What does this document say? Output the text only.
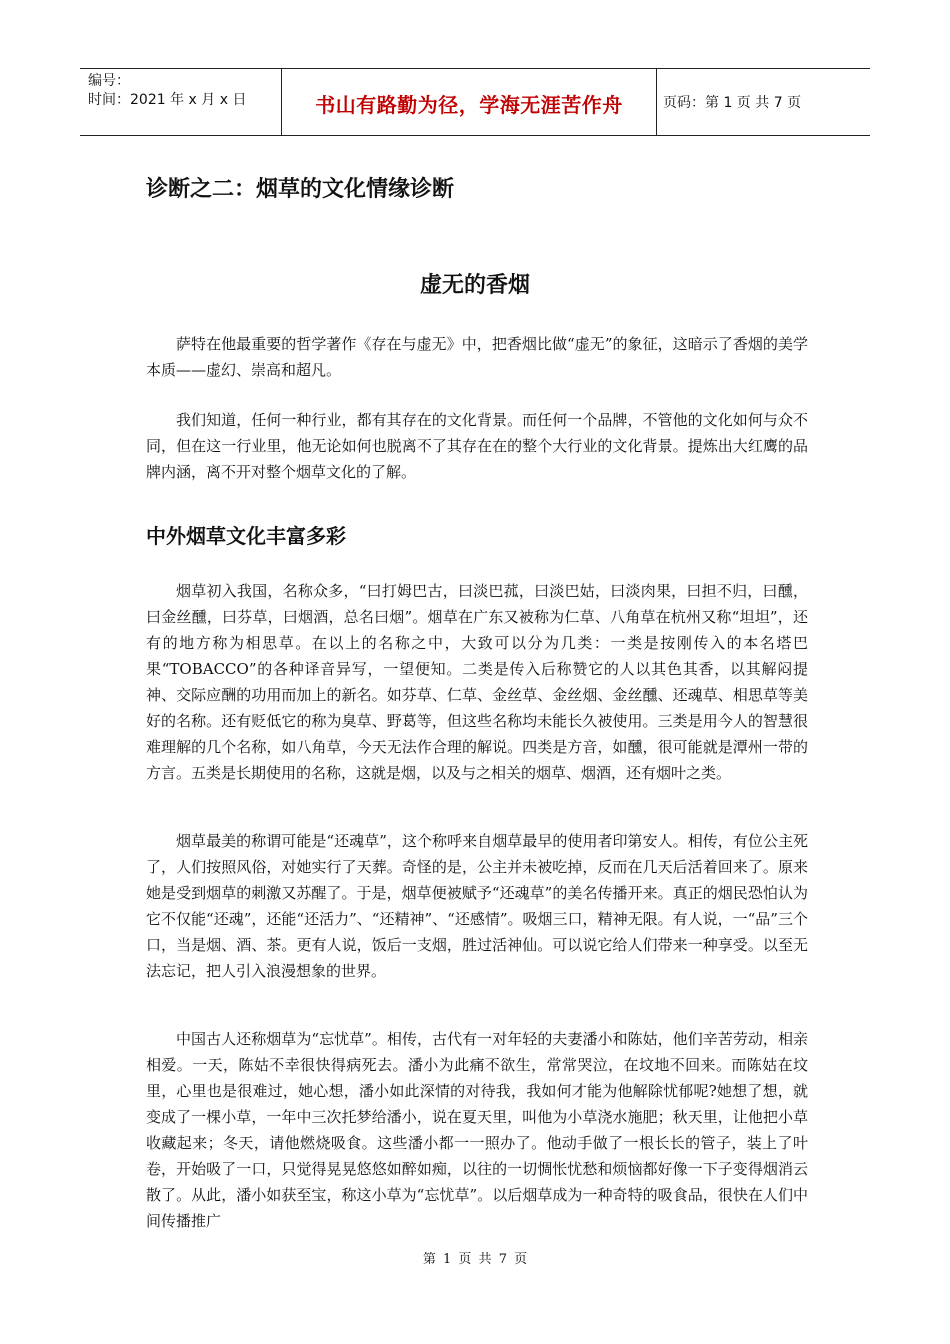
编号：
时间：2021 年 x 月 x 日	书山有路勤为径，学海无涯苦作舟	页码：第 1 页 共 7 页
诊断之二：烟草的文化情缘诊断
虚无的香烟

萨特在他最重要的哲学著作《存在与虚无》中，把香烟比做“虚无”的象征，这暗示了香烟的美学本质——虚幻、崇高和超凡。

我们知道，任何一种行业，都有其存在的文化背景。而任何一个品牌，不管他的文化如何与众不同，但在这一行业里，他无论如何也脱离不了其存在在的整个大行业的文化背景。提炼出大红鹰的品牌内涵，离不开对整个烟草文化的了解。

中外烟草文化丰富多彩

烟草初入我国，名称众多，“曰打姆巴古，曰淡巴菰，曰淡巴姑，曰淡肉果，曰担不归，曰醺，曰金丝醺，曰芬草，曰烟酒，总名曰烟”。烟草在广东又被称为仁草、八角草在杭州又称“坦坦”，还有的地方称为相思草。在以上的名称之中，大致可以分为几类：一类是按刚传入的本名塔巴果“TOBACCO”的各种译音异写，一望便知。二类是传入后称赞它的人以其色其香，以其解闷提神、交际应酬的功用而加上的新名。如芬草、仁草、金丝草、金丝烟、金丝醺、还魂草、相思草等美好的名称。还有贬低它的称为臭草、野葛等，但这些名称均未能长久被使用。三类是用今人的智慧很难理解的几个名称，如八角草，今天无法作合理的解说。四类是方音，如醺，很可能就是潭州一带的方言。五类是长期使用的名称，这就是烟，以及与之相关的烟草、烟酒，还有烟叶之类。

烟草最美的称谓可能是“还魂草”，这个称呼来自烟草最早的使用者印第安人。相传，有位公主死了，人们按照风俗，对她实行了天葬。奇怪的是，公主并未被吃掉，反而在几天后活着回来了。原来她是受到烟草的刺激又苏醒了。于是，烟草便被赋予“还魂草”的美名传播开来。真正的烟民恐怕认为它不仅能“还魂”，还能“还活力”、“还精神”、“还感情”。吸烟三口，精神无限。有人说，一“品”三个口，当是烟、酒、茶。更有人说，饭后一支烟，胜过活神仙。可以说它给人们带来一种享受。以至无法忘记，把人引入浪漫想象的世界。

中国古人还称烟草为“忘忧草”。相传，古代有一对年轻的夫妻潘小和陈姑，他们辛苦劳动，相亲相爱。一天，陈姑不幸很快得病死去。潘小为此痛不欲生，常常哭泣，在坟地不回来。而陈姑在坟里，心里也是很难过，她心想，潘小如此深情的对待我，我如何才能为他解除忧郁呢?她想了想，就变成了一棵小草，一年中三次托梦给潘小，说在夏天里，叫他为小草浇水施肥；秋天里，让他把小草收藏起来；冬天，请他燃烧吸食。这些潘小都一一照办了。他动手做了一根长长的管子，装上了叶卷，开始吸了一口，只觉得晃晃悠悠如醉如痴，以往的一切惆怅忧愁和烦恼都好像一下子变得烟消云散了。从此，潘小如获至宝，称这小草为“忘忧草”。以后烟草成为一种奇特的吸食品，很快在人们中间传播推广

第 1 页 共 7 页
